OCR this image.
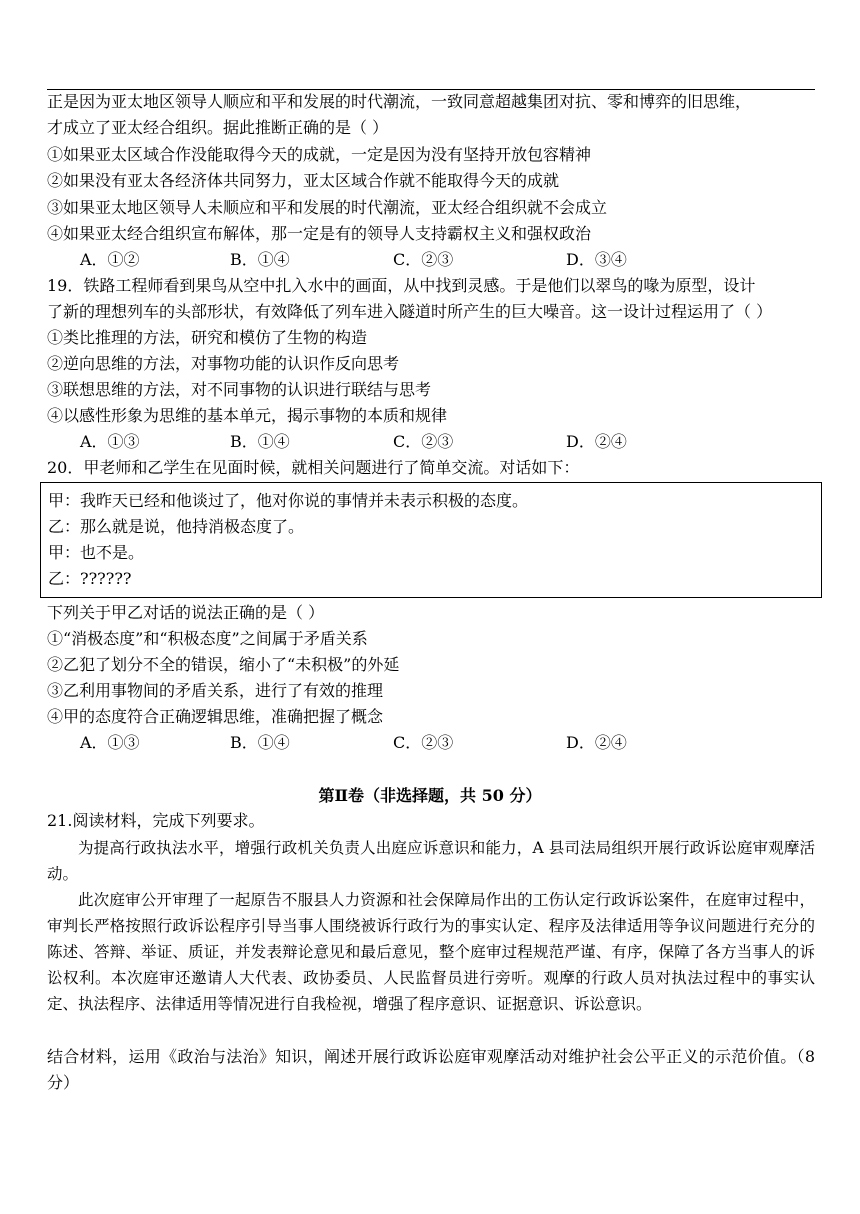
正是因为亚太地区领导人顺应和平和发展的时代潮流，一致同意超越集团对抗、零和博弈的旧思维，
才成立了亚太经合组织。据此推断正确的是（ ）
①如果亚太区域合作没能取得今天的成就，一定是因为没有坚持开放包容精神
②如果没有亚太各经济体共同努力，亚太区域合作就不能取得今天的成就
③如果亚太地区领导人未顺应和平和发展的时代潮流，亚太经合组织就不会成立
④如果亚太经合组织宣布解体，那一定是有的领导人支持霸权主义和强权政治
A．①②	B．①④	C．②③	D．③④
19．铁路工程师看到果鸟从空中扎入水中的画面，从中找到灵感。于是他们以翠鸟的喙为原型，设计
了新的理想列车的头部形状，有效降低了列车进入隧道时所产生的巨大噪音。这一设计过程运用了（ ）
①类比推理的方法，研究和模仿了生物的构造
②逆向思维的方法，对事物功能的认识作反向思考
③联想思维的方法，对不同事物的认识进行联结与思考
④以感性形象为思维的基本单元，揭示事物的本质和规律
A．①③	B．①④	C．②③	D．②④
20．甲老师和乙学生在见面时候，就相关问题进行了简单交流。对话如下：
甲：我昨天已经和他谈过了，他对你说的事情并未表示积极的态度。
乙：那么就是说，他持消极态度了。
甲：也不是。
乙：??????
下列关于甲乙对话的说法正确的是（ ）
①“消极态度”和“积极态度”之间属于矛盾关系
②乙犯了划分不全的错误，缩小了“未积极”的外延
③乙利用事物间的矛盾关系，进行了有效的推理
④甲的态度符合正确逻辑思维，准确把握了概念
A．①③	B．①④	C．②③	D．②④
第Ⅱ卷（非选择题，共 50 分）
21.阅读材料，完成下列要求。
为提高行政执法水平，增强行政机关负责人出庭应诉意识和能力，A 县司法局组织开展行政诉讼庭审观摩活动。
此次庭审公开审理了一起原告不服县人力资源和社会保障局作出的工伤认定行政诉讼案件，在庭审过程中，审判长严格按照行政诉讼程序引导当事人围绕被诉行政行为的事实认定、程序及法律适用等争议问题进行充分的陈述、答辩、举证、质证，并发表辩论意见和最后意见，整个庭审过程规范严谨、有序，保障了各方当事人的诉讼权利。本次庭审还邀请人大代表、政协委员、人民监督员进行旁听。观摩的行政人员对执法过程中的事实认定、执法程序、法律适用等情况进行自我检视，增强了程序意识、证据意识、诉讼意识。
结合材料，运用《政治与法治》知识，阐述开展行政诉讼庭审观摩活动对维护社会公平正义的示范价值。（8 分）
